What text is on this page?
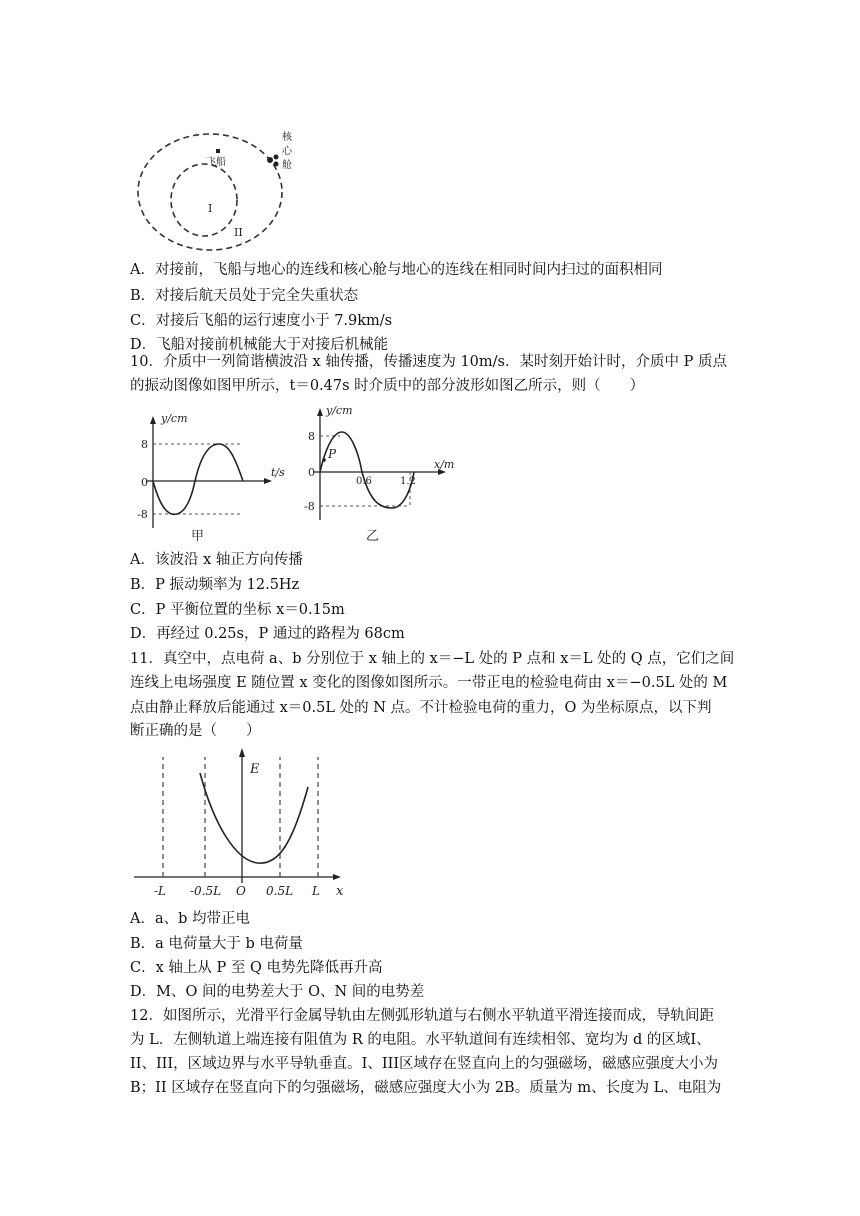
飞船
核
心
舱
I
II
A．对接前，飞船与地心的连线和核心舱与地心的连线在相同时间内扫过的面积相同
B．对接后航天员处于完全失重状态
C．对接后飞船的运行速度小于 7.9km/s
D．飞船对接前机械能大于对接后机械能
10．介质中一列简谐横波沿 x 轴传播，传播速度为 10m/s．某时刻开始计时，介质中 P 质点
的振动图像如图甲所示，t＝0.47s 时介质中的部分波形如图乙所示，则（　　）
y/cm
t/s
8
0
-8
甲
P
y/cm
x/m
8
0
-8
0.6	1.2
乙
A．该波沿 x 轴正方向传播
B．P 振动频率为 12.5Hz
C．P 平衡位置的坐标 x＝0.15m
D．再经过 0.25s，P 通过的路程为 68cm
11．真空中，点电荷 a、b 分别位于 x 轴上的 x＝−L 处的 P 点和 x＝L 处的 Q 点，它们之间
连线上电场强度 E 随位置 x 变化的图像如图所示。一带正电的检验电荷由 x＝−0.5L 处的 M
点由静止释放后能通过 x＝0.5L 处的 N 点。不计检验电荷的重力，O 为坐标原点，以下判
断正确的是（　　）
E
x
-L -0.5L O 0.5L L
A．a、b 均带正电
B．a 电荷量大于 b 电荷量
C．x 轴上从 P 至 Q 电势先降低再升高
D．M、O 间的电势差大于 O、N 间的电势差
12．如图所示，光滑平行金属导轨由左侧弧形轨道与右侧水平轨道平滑连接而成，导轨间距
为 L．左侧轨道上端连接有阻值为 R 的电阻。水平轨道间有连续相邻、宽均为 d 的区域I、
II、III，区域边界与水平导轨垂直。I、III区域存在竖直向上的匀强磁场，磁感应强度大小为
B；II 区域存在竖直向下的匀强磁场，磁感应强度大小为 2B。质量为 m、长度为 L、电阻为
